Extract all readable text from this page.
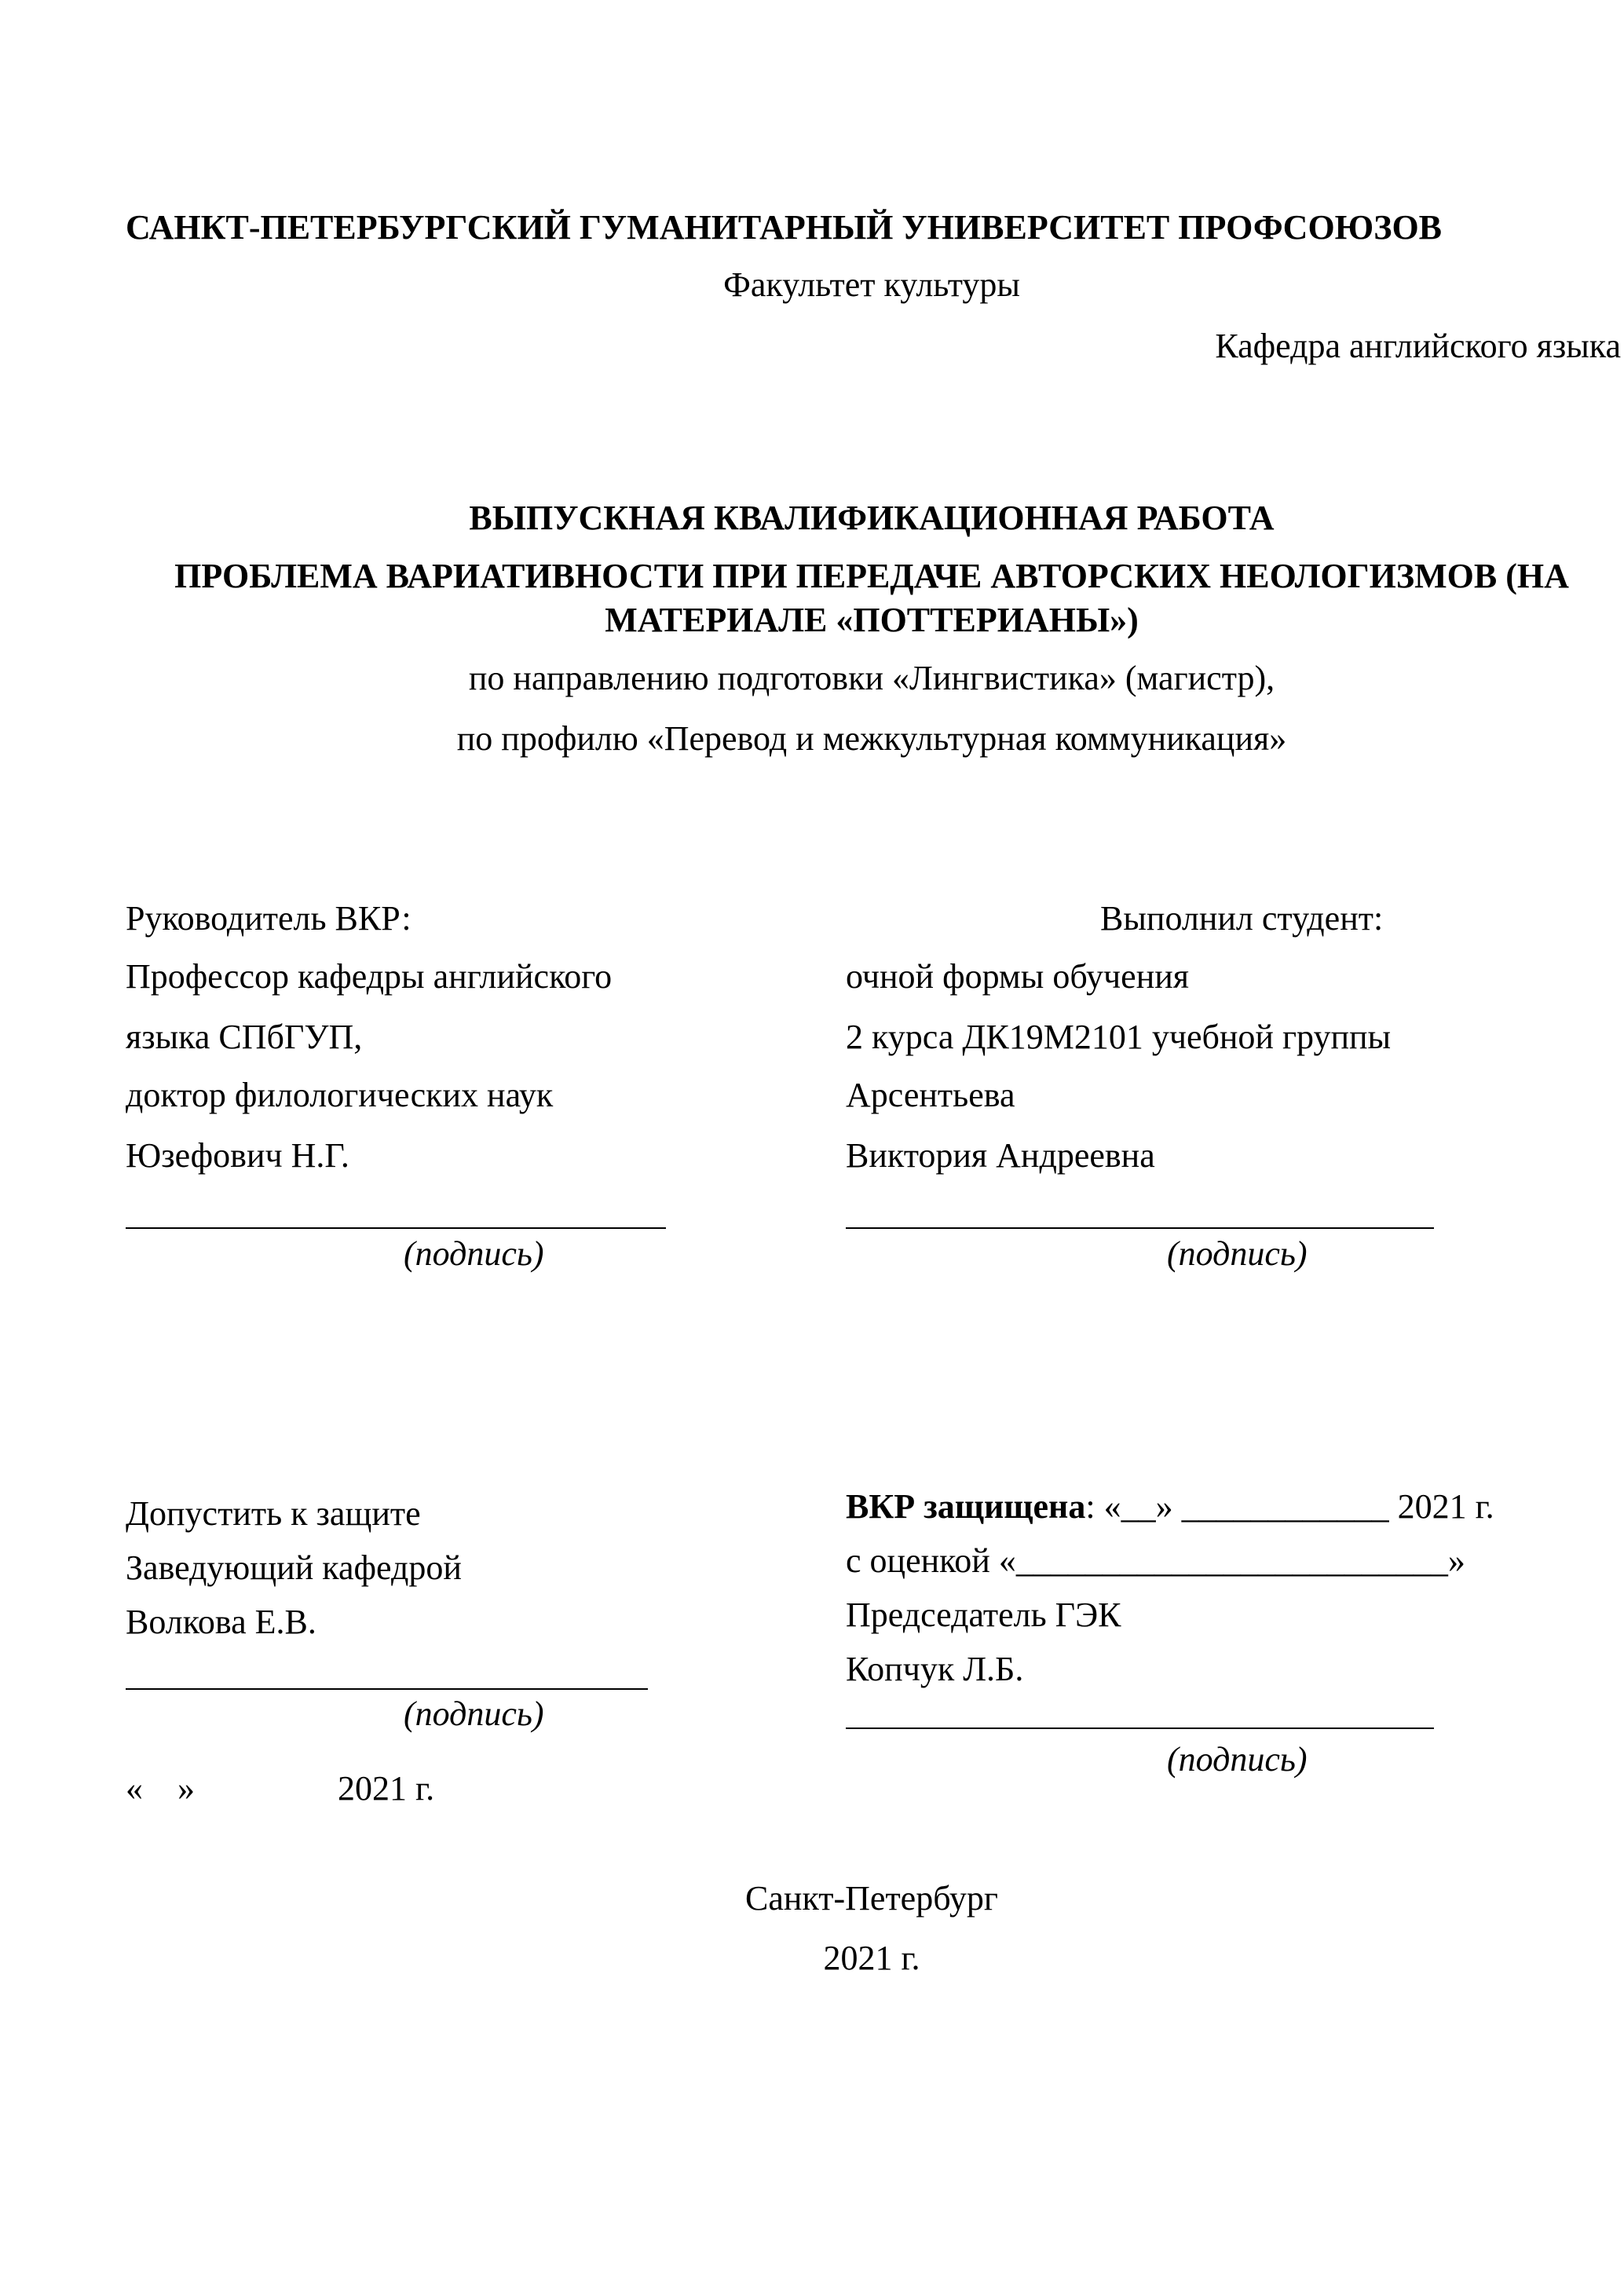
САНКТ-ПЕТЕРБУРГСКИЙ ГУМАНИТАРНЫЙ УНИВЕРСИТЕТ ПРОФСОЮЗОВ
Факультет культуры
Кафедра английского языка
ВЫПУСКНАЯ КВАЛИФИКАЦИОННАЯ РАБОТА
ПРОБЛЕМА ВАРИАТИВНОСТИ ПРИ ПЕРЕДАЧЕ АВТОРСКИХ НЕОЛОГИЗМОВ (НА
МАТЕРИАЛЕ «ПОТТЕРИАНЫ»)
по направлению подготовки «Лингвистика» (магистр),
по профилю «Перевод и межкультурная коммуникация»
Руководитель ВКР:
Профессор кафедры английского
языка СПбГУП,
доктор филологических наук
Юзефович Н.Г.
(подпись)
Выполнил студент:
очной формы обучения
2 курса ДК19М2101 учебной группы
Арсентьева
Виктория Андреевна
(подпись)
Допустить к защите
Заведующий кафедрой
Волкова Е.В.
(подпись)
«    »	2021 г.
ВКР защищена: «__» ____________ 2021 г.
с оценкой «_________________________»
Председатель ГЭК
Копчук Л.Б.
(подпись)
Санкт-Петербург
2021 г.
